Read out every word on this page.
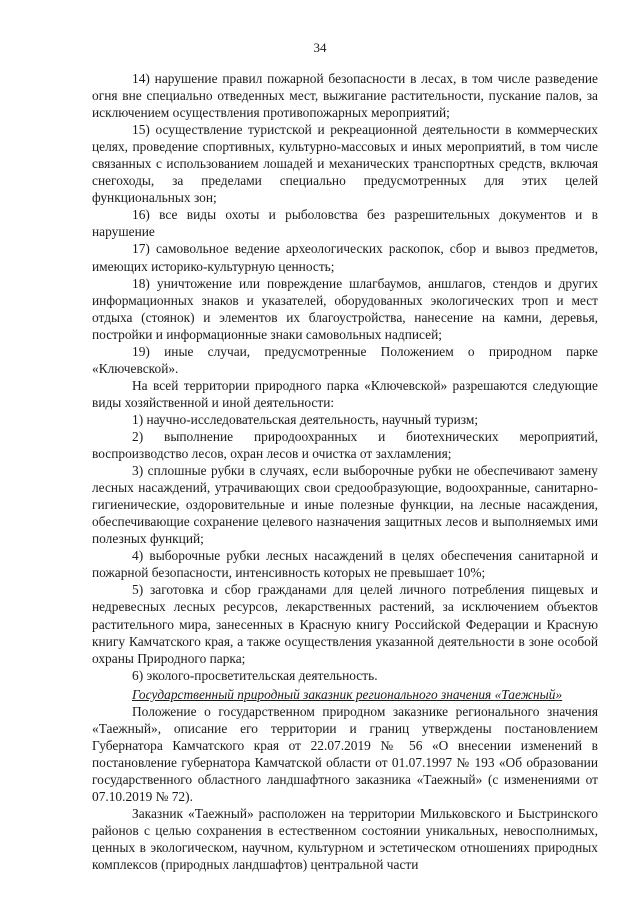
34

14) нарушение правил пожарной безопасности в лесах, в том числе разведение огня вне специально отведенных мест, выжигание растительности, пускание палов, за исключением осуществления противопожарных мероприятий;

15) осуществление туристской и рекреационной деятельности в коммерческих целях, проведение спортивных, культурно-массовых и иных мероприятий, в том числе связанных с использованием лошадей и механических транспортных средств, включая снегоходы, за пределами специально предусмотренных для этих целей функциональных зон;

16) все виды охоты и рыболовства без разрешительных документов и в нарушение

17) самовольное ведение археологических раскопок, сбор и вывоз предметов, имеющих историко-культурную ценность;

18) уничтожение или повреждение шлагбаумов, аншлагов, стендов и других информационных знаков и указателей, оборудованных экологических троп и мест отдыха (стоянок) и элементов их благоустройства, нанесение на камни, деревья, постройки и информационные знаки самовольных надписей;

19) иные случаи, предусмотренные Положением о природном парке «Ключевской».

На всей территории природного парка «Ключевской» разрешаются следующие виды хозяйственной и иной деятельности:

1) научно-исследовательская деятельность, научный туризм;

2) выполнение природоохранных и биотехнических мероприятий, воспроизводство лесов, охран лесов и очистка от захламления;

3) сплошные рубки в случаях, если выборочные рубки не обеспечивают замену лесных насаждений, утрачивающих свои средообразующие, водоохранные, санитарно-гигиенические, оздоровительные и иные полезные функции, на лесные насаждения, обеспечивающие сохранение целевого назначения защитных лесов и выполняемых ими полезных функций;

4) выборочные рубки лесных насаждений в целях обеспечения санитарной и пожарной безопасности, интенсивность которых не превышает 10%;

5) заготовка и сбор гражданами для целей личного потребления пищевых и недревесных лесных ресурсов, лекарственных растений, за исключением объектов растительного мира, занесенных в Красную книгу Российской Федерации и Красную книгу Камчатского края, а также осуществления указанной деятельности в зоне особой охраны Природного парка;

6) эколого-просветительская деятельность.

Государственный природный заказник регионального значения «Таежный»

Положение о государственном природном заказнике регионального значения «Таежный», описание его территории и границ утверждены постановлением Губернатора Камчатского края от 22.07.2019 № 56 «О внесении изменений в постановление губернатора Камчатской области от 01.07.1997 № 193 «Об образовании государственного областного ландшафтного заказника «Таежный» (с изменениями от 07.10.2019 № 72).

Заказник «Таежный» расположен на территории Мильковского и Быстринского районов с целью сохранения в естественном состоянии уникальных, невосполнимых, ценных в экологическом, научном, культурном и эстетическом отношениях природных комплексов (природных ландшафтов) центральной части
